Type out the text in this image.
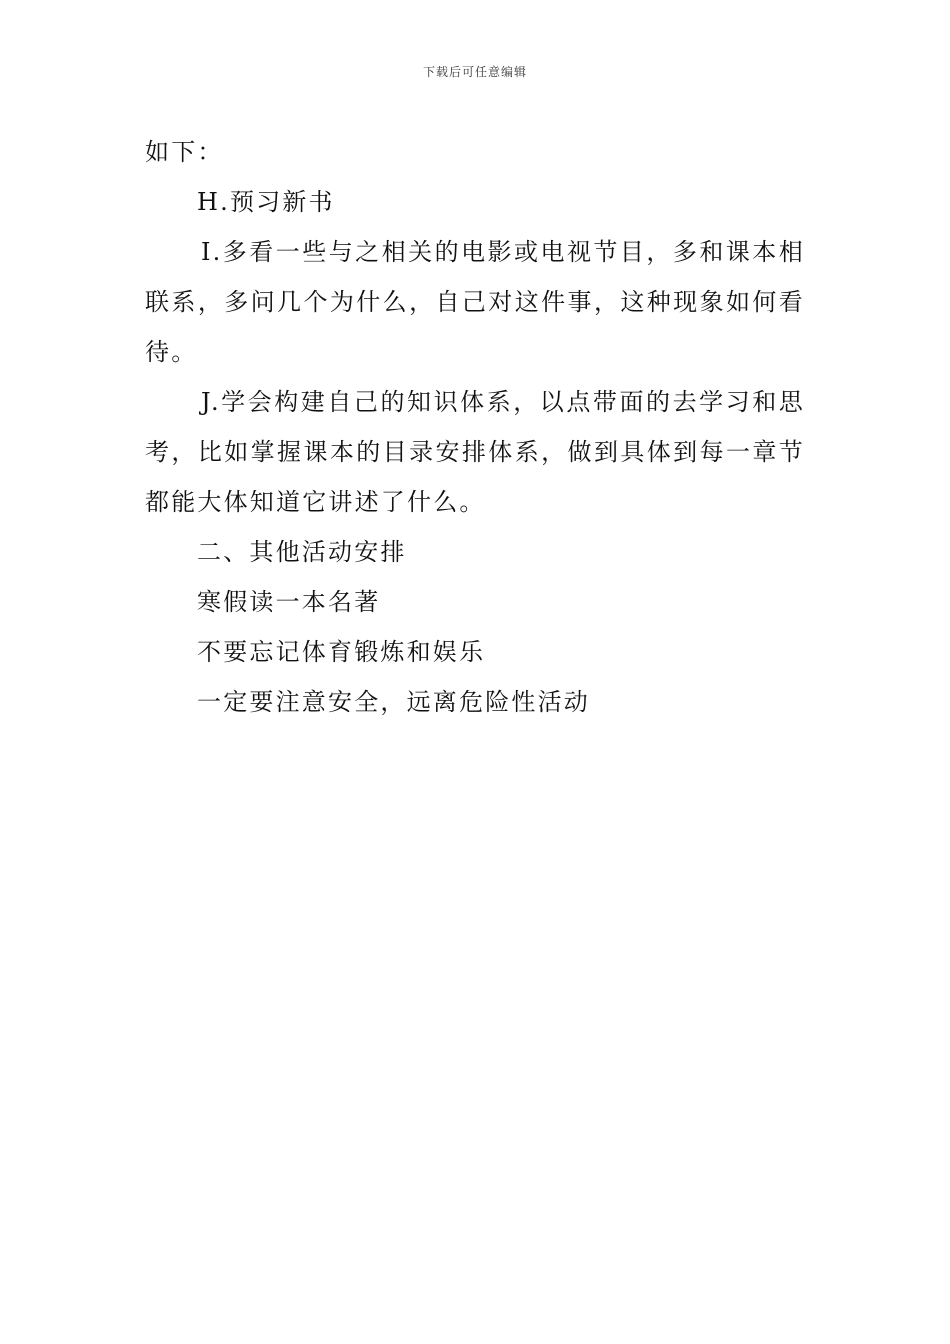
下载后可任意编辑

如下：

H.预习新书

I.多看一些与之相关的电影或电视节目，多和课本相联系，多问几个为什么，自己对这件事，这种现象如何看待。

J.学会构建自己的知识体系，以点带面的去学习和思考，比如掌握课本的目录安排体系，做到具体到每一章节都能大体知道它讲述了什么。

二、其他活动安排

寒假读一本名著

不要忘记体育锻炼和娱乐

一定要注意安全，远离危险性活动
